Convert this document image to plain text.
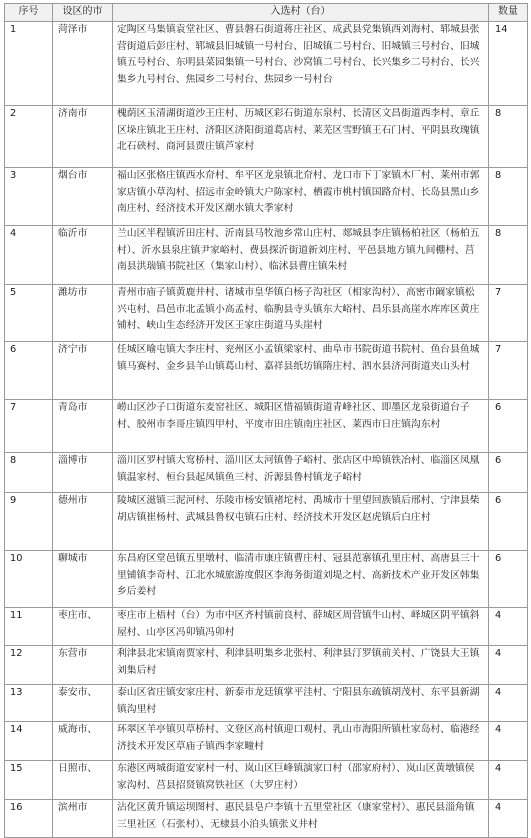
序号	设区的市	入选村（台）	数量
1	菏泽市	定陶区马集镇袁堂社区、曹县磐石街道蒋庄社区、成武县党集镇西刘海村、郓城县张营街道后彭庄村、郓城县旧城镇一号村台、旧城镇二号村台、旧城镇三号村台、旧城镇五号村台、东明县菜园集镇一号村台、沙窝镇二号村台、长兴集乡二号村台、长兴集乡九号村台、焦园乡二号村台、焦园乡一号村台	14
2	济南市	槐荫区玉清湖街道沙王庄村、历城区彩石街道东泉村、长清区文昌街道西李村、章丘区垛庄镇北王庄村、济阳区济阳街道葛店村、莱芜区雪野镇王石门村、平阴县玫瑰镇北石硖村、商河县贾庄镇芦家村	8
3	烟台市	福山区张格庄镇西水夼村、牟平区龙泉镇北夼村、龙口市下丁家镇木厂村、莱州市郭家店镇小草沟村、招远市金岭镇大户陈家村、栖霞市桃村镇国路夼村、长岛县黑山乡南庄村、经济技术开发区潮水镇大季家村	8
4	临沂市	兰山区半程镇沂田庄村、沂南县马牧池乡常山庄村、郯城县李庄镇杨柏社区（杨柏五村）、沂水县泉庄镇尹家峪村、费县探沂街道新刘庄村、平邑县地方镇九间棚村、莒南县洪瑞镇书院社区（集家山村）、临沭县曹庄镇朱村	8
5	潍坊市	青州市庙子镇黄鹿井村、诸城市皇华镇白杨子沟社区（相家沟村）、高密市阚家镇松兴屯村、昌邑市北孟镇小高孟村、临朐县寺头镇东大峪村、昌乐县高崖水库库区黄庄铺村、峡山生态经济开发区王家庄街道马头崖村	7
6	济宁市	任城区喻屯镇大李庄村、兖州区小孟镇梁家村、曲阜市书院街道书院村、鱼台县鱼城镇马赛村、金乡县羊山镇葛山村、嘉祥县纸坊镇隋庄村、泗水县济河街道夹山头村	7
7	青岛市	崂山区沙子口街道东麦窑社区、城阳区惜福镇街道青峰社区、即墨区龙泉街道台子村、胶州市李哥庄镇四甲村、平度市田庄镇南庄社区、莱西市日庄镇沟东村	6
8	淄博市	淄川区罗村镇大窎桥村、淄川区太河镇鲁子峪村、张店区中埠镇铁冶村、临淄区凤凰镇温家村、桓台县起凤镇鱼三村、沂源县鲁村镇龙子峪村	6
9	德州市	陵城区滋镇三泥河村、乐陵市杨安镇褚坨村、禹城市十里望回族镇后邢村、宁津县柴胡店镇崔杨村、武城县鲁权屯镇石庄村、经济技术开发区赵虎镇后白庄村	6
10	聊城市	东昌府区堂邑镇五里墩村、临清市康庄镇曹庄村、冠县范寨镇孔里庄村、高唐县三十里铺镇李奇村、江北水城旅游度假区李海务街道刘堤之村、高新技术产业开发区韩集乡后姜村	6
11	枣庄市、	枣庄市上梧村（台）为市中区齐村镇前良村、薛城区周营镇牛山村、峄城区阴平镇斜屋村、山亭区冯卯镇冯卯村	4
12	东营市	利津县北宋镇南贾家村、利津县明集乡北张村、利津县汀罗镇前关村、广饶县大王镇刘集后村	4
13	泰安市、	泰山区省庄镇安家庄村、新泰市龙廷镇掌平洼村、宁阳县东疏镇胡茂村、东平县新湖镇沟里村	4
14	威海市、	环翠区羊亭镇贝草桥村、文登区高村镇迎口观村、乳山市海阳所镇杜家岛村、临港经济技术开发区草庙子镇西李家疃村	4
15	日照市、	东港区两城街道安家村一村、岚山区巨峰镇演家口村（邵家府村）、岚山区黄墩镇侯家沟村、莒县招贤镇窝铁社区（大罗庄村）	4
16	滨州市	沾化区黄升镇运坝图村、惠民县皂户李镇十五里堂社区（康家堂村）、惠民县淄角镇三里社区（石张村）、无棣县小泊头镇张义井村	4
